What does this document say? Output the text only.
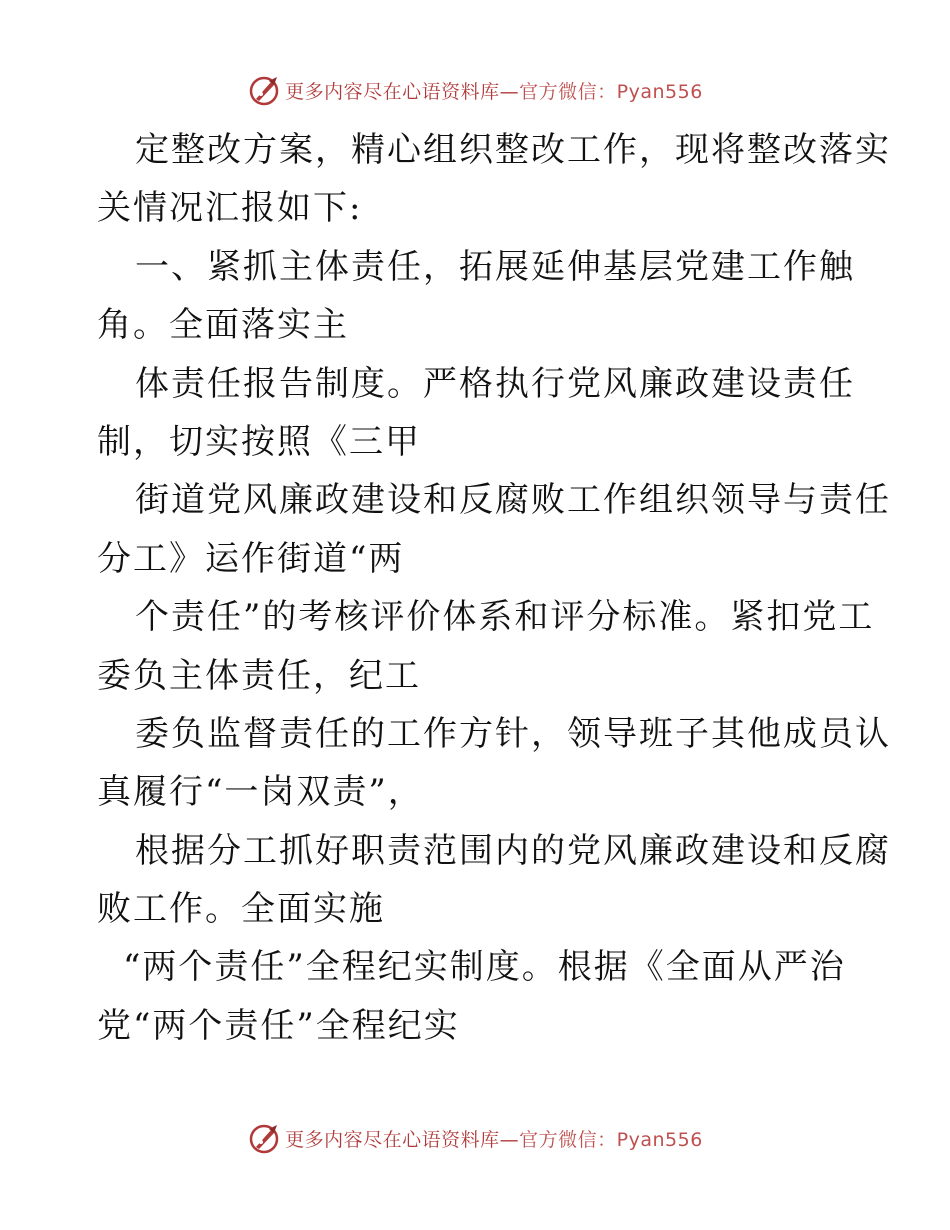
更多内容尽在心语资料库—官方微信：Pyan556
定整改方案，精心组织整改工作，现将整改落实
关情况汇报如下:
一、紧抓主体责任，拓展延伸基层党建工作触
角。全面落实主
体责任报告制度。严格执行党风廉政建设责任
制，切实按照《三甲
街道党风廉政建设和反腐败工作组织领导与责任
分工》运作街道“两
个责任”的考核评价体系和评分标准。紧扣党工
委负主体责任，纪工
委负监督责任的工作方针，领导班子其他成员认
真履行“一岗双责”，
根据分工抓好职责范围内的党风廉政建设和反腐
败工作。全面实施
“两个责任”全程纪实制度。根据《全面从严治
党“两个责任”全程纪实
更多内容尽在心语资料库—官方微信：Pyan556
